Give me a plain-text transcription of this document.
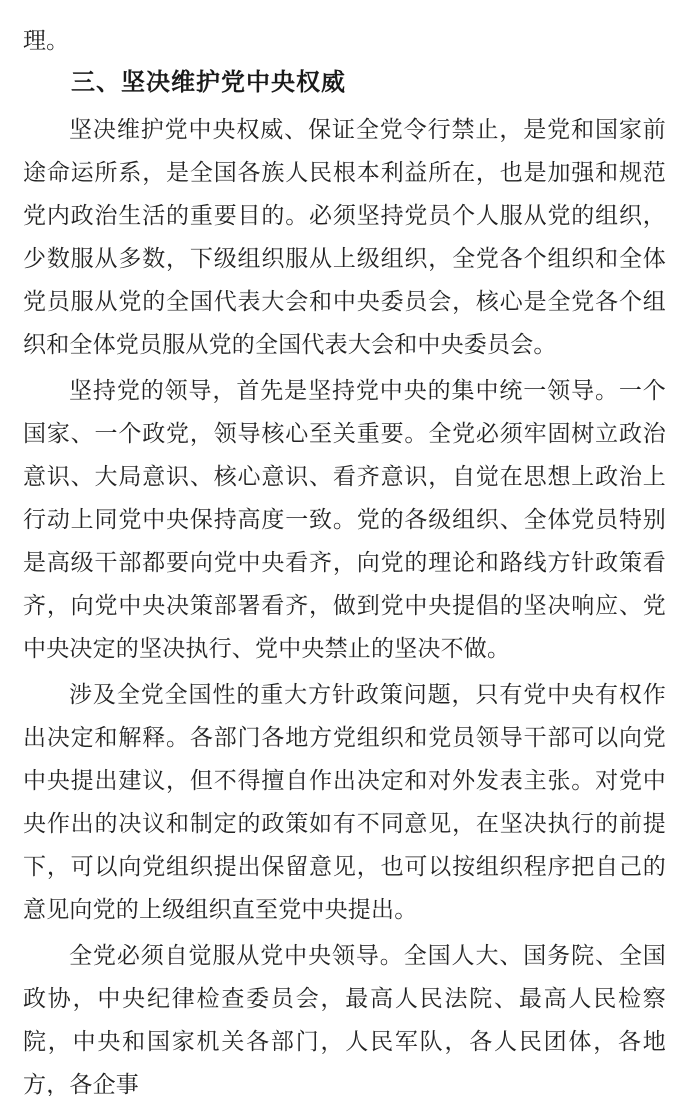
理。

三、坚决维护党中央权威

坚决维护党中央权威、保证全党令行禁止，是党和国家前途命运所系，是全国各族人民根本利益所在，也是加强和规范党内政治生活的重要目的。必须坚持党员个人服从党的组织，少数服从多数，下级组织服从上级组织，全党各个组织和全体党员服从党的全国代表大会和中央委员会，核心是全党各个组织和全体党员服从党的全国代表大会和中央委员会。

坚持党的领导，首先是坚持党中央的集中统一领导。一个国家、一个政党，领导核心至关重要。全党必须牢固树立政治意识、大局意识、核心意识、看齐意识，自觉在思想上政治上行动上同党中央保持高度一致。党的各级组织、全体党员特别是高级干部都要向党中央看齐，向党的理论和路线方针政策看齐，向党中央决策部署看齐，做到党中央提倡的坚决响应、党中央决定的坚决执行、党中央禁止的坚决不做。

涉及全党全国性的重大方针政策问题，只有党中央有权作出决定和解释。各部门各地方党组织和党员领导干部可以向党中央提出建议，但不得擅自作出决定和对外发表主张。对党中央作出的决议和制定的政策如有不同意见，在坚决执行的前提下，可以向党组织提出保留意见，也可以按组织程序把自己的意见向党的上级组织直至党中央提出。

全党必须自觉服从党中央领导。全国人大、国务院、全国政协，中央纪律检查委员会，最高人民法院、最高人民检察院，中央和国家机关各部门，人民军队，各人民团体，各地方，各企事
